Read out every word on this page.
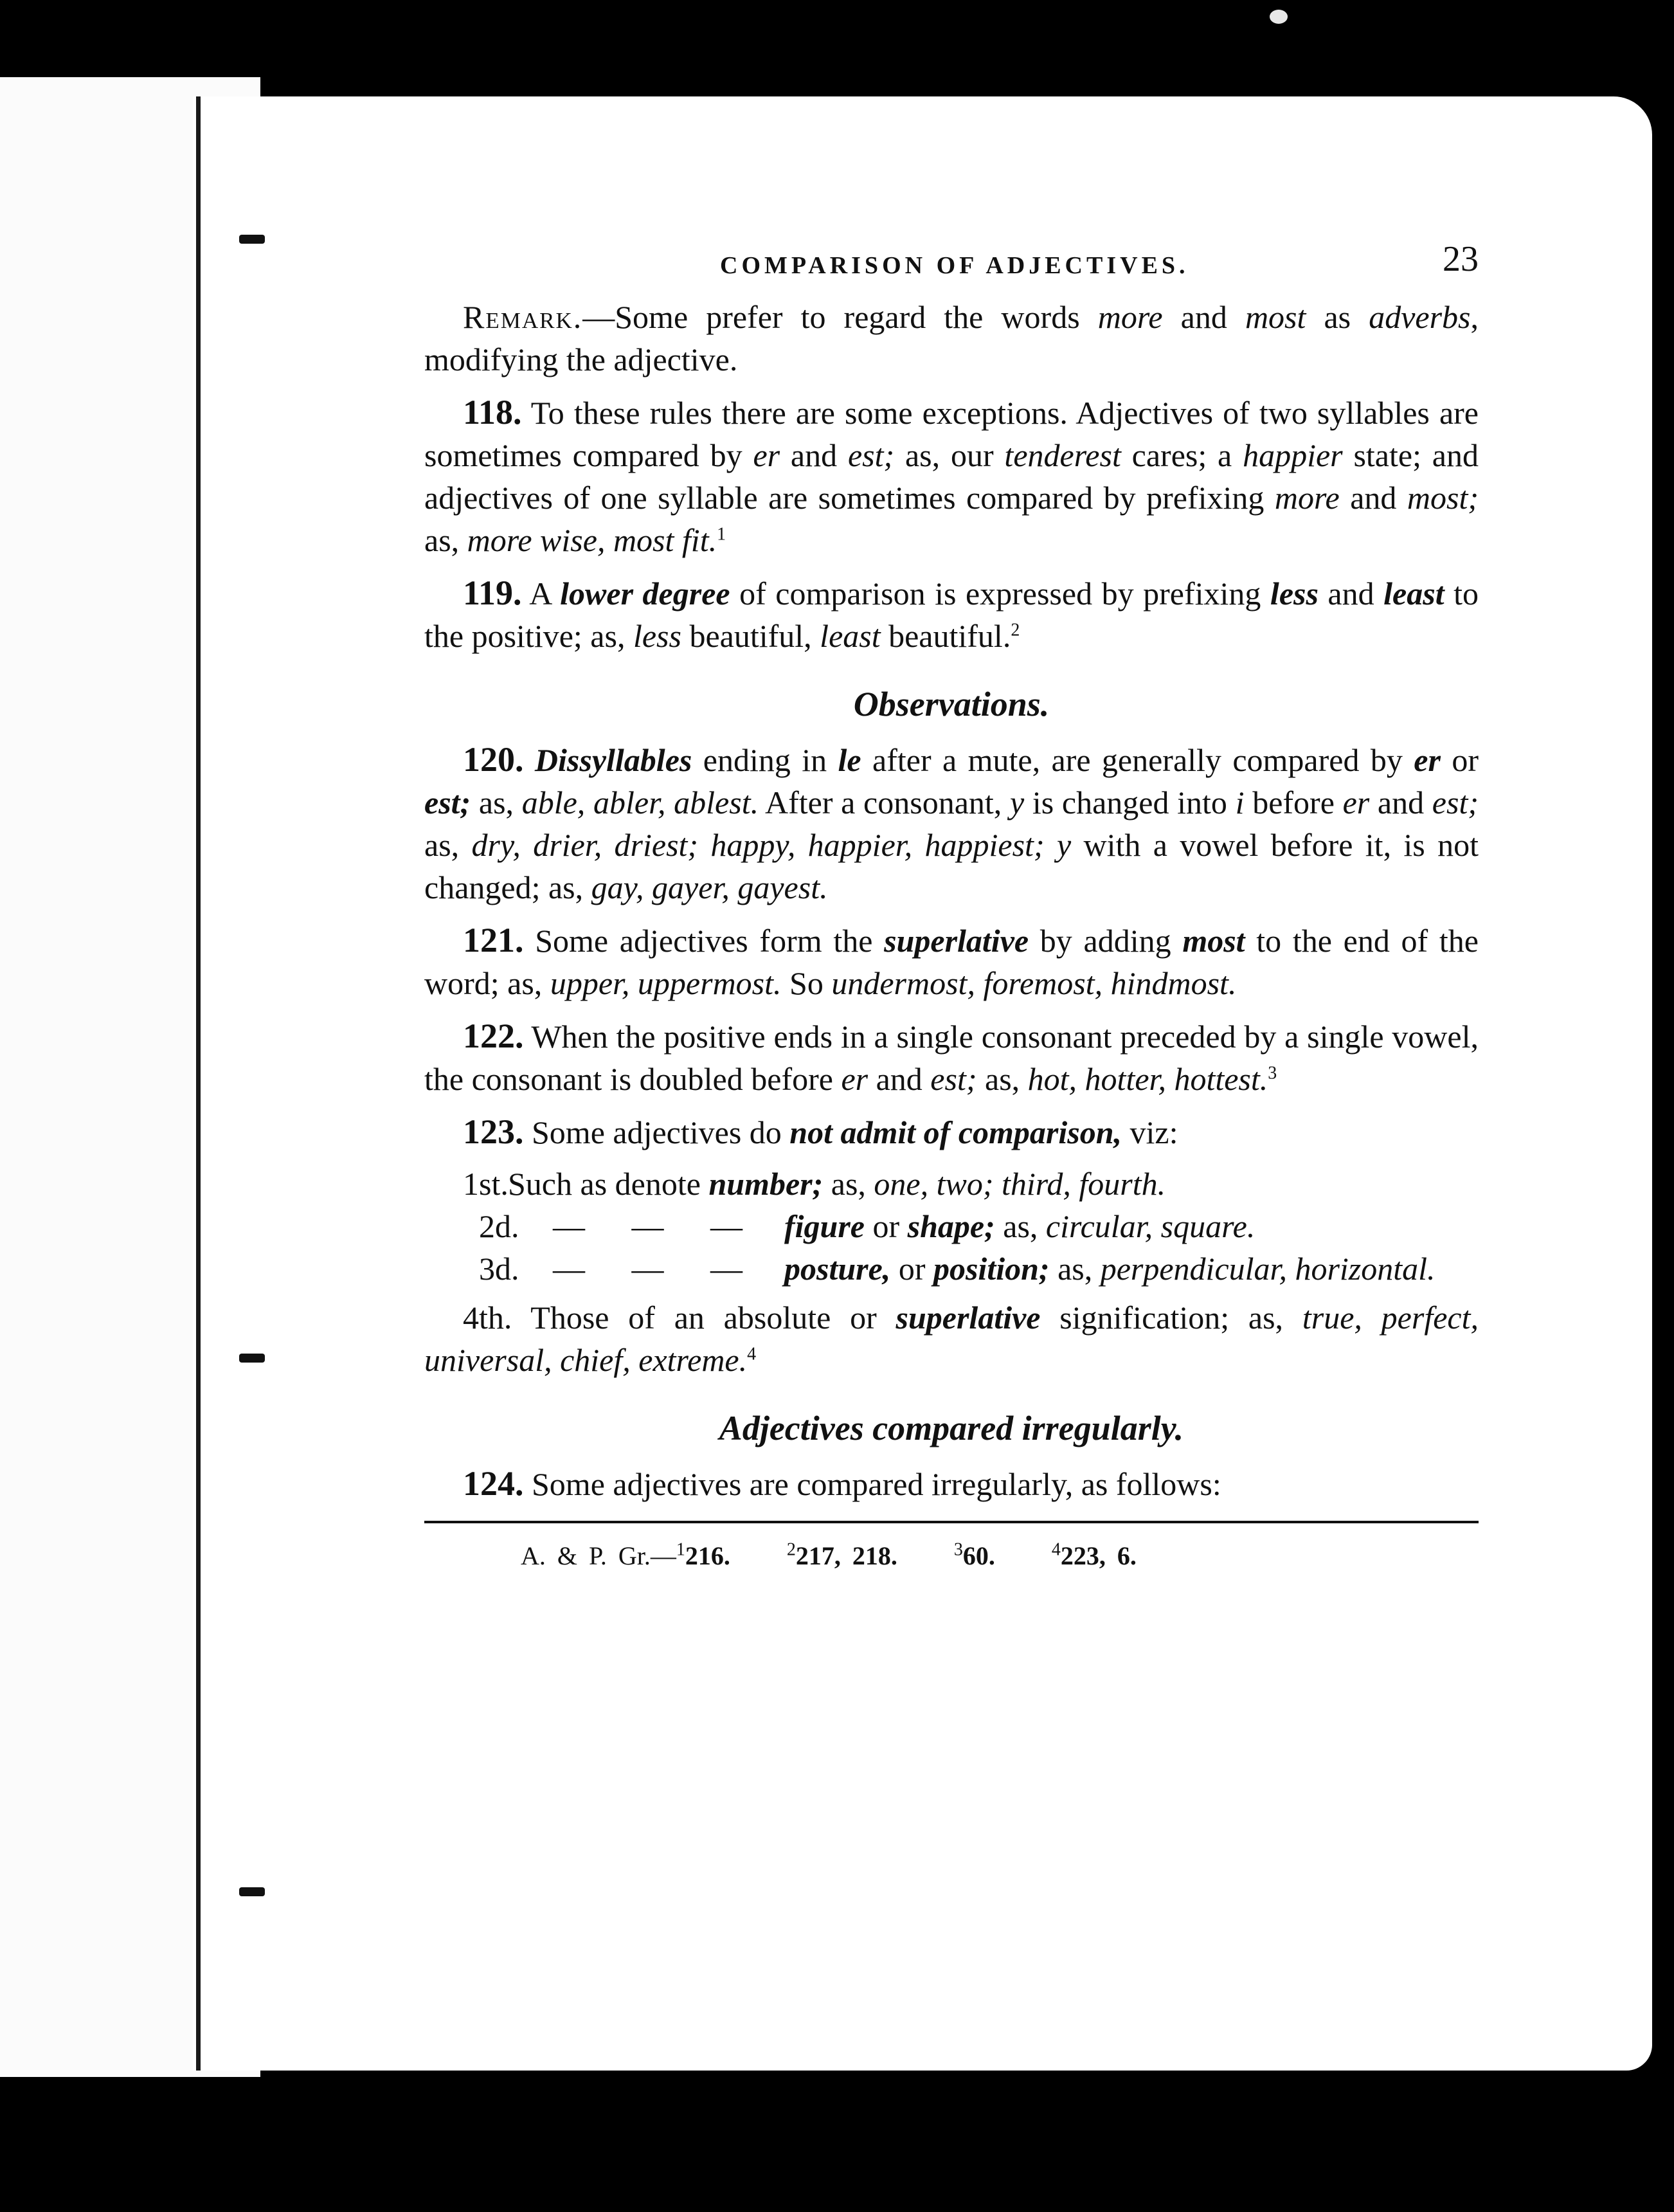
COMPARISON OF ADJECTIVES.	23

Remark.—Some prefer to regard the words more and most as adverbs, modifying the adjective.

118. To these rules there are some exceptions. Adjectives of two syllables are sometimes compared by er and est; as, our tenderest cares; a happier state; and adjectives of one syllable are sometimes compared by prefixing more and most; as, more wise, most fit.$^1$

119. A lower degree of comparison is expressed by prefixing less and least to the positive; as, less beautiful, least beautiful.$^2$

Observations.

120. Dissyllables ending in le after a mute, are generally compared by er or est; as, able, abler, ablest. After a consonant, y is changed into i before er and est; as, dry, drier, driest; happy, happier, happiest; y with a vowel before it, is not changed; as, gay, gayer, gayest.

121. Some adjectives form the superlative by adding most to the end of the word; as, upper, uppermost. So undermost, foremost, hindmost.

122. When the positive ends in a single consonant preceded by a single vowel, the consonant is doubled before er and est; as, hot, hotter, hottest.$^3$

123. Some adjectives do not admit of comparison, viz:

1st. Such as denote number; as, one, two; third, fourth.
2d. — — — figure or shape; as, circular, square.
3d. — — — posture, or position; as, perpendicular, horizontal.

4th. Those of an absolute or superlative signification; as, true, perfect, universal, chief, extreme.$^4$

Adjectives compared irregularly.

124. Some adjectives are compared irregularly, as follows:

A. & P. Gr.—$^1$216.	$^2$217, 218.	$^3$60.	$^4$223, 6.
